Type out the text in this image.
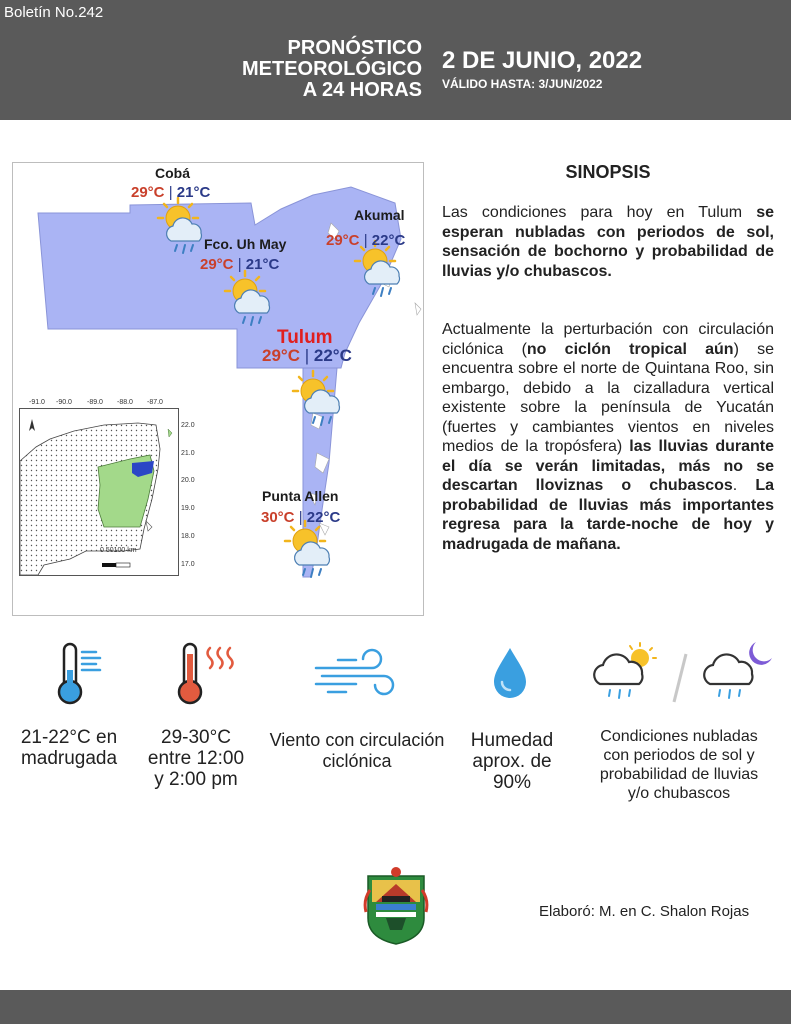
Boletín No.242
PRONÓSTICO
METEOROLÓGICO
A 24 HORAS
2 DE JUNIO, 2022
VÁLIDO HASTA: 3/JUN/2022
Cobá
29°C | 21°C
Fco. Uh May
29°C | 21°C
Akumal
29°C | 22°C
Tulum
29°C | 22°C
Punta Allen
30°C | 22°C
-91.0 -90.0 -89.0 -88.0 -87.0
0 50100 km
22.0
21.0
20.0
19.0
18.0
17.0
SINOPSIS
Las condiciones para hoy en Tulum se esperan nubladas con periodos de sol, sensación de bochorno y probabilidad de lluvias y/o chubascos.
Actualmente la perturbación con circulación ciclónica (no ciclón tropical aún) se encuentra sobre el norte de Quintana Roo, sin embargo, debido a la cizalladura vertical existente sobre la península de Yucatán (fuertes y cambiantes vientos en niveles medios de la tropósfera) las lluvias durante el día se verán limitadas, más no se descartan lloviznas o chubascos. La probabilidad de lluvias más importantes regresa para la tarde-noche de hoy y madrugada de mañana.
21-22°C en
madrugada
29-30°C
entre 12:00
y 2:00 pm
Viento con circulación
ciclónica
Humedad
aprox. de
90%
Condiciones nubladas
con periodos de sol y
probabilidad de lluvias
y/o chubascos
Elaboró: M. en C. Shalon Rojas
